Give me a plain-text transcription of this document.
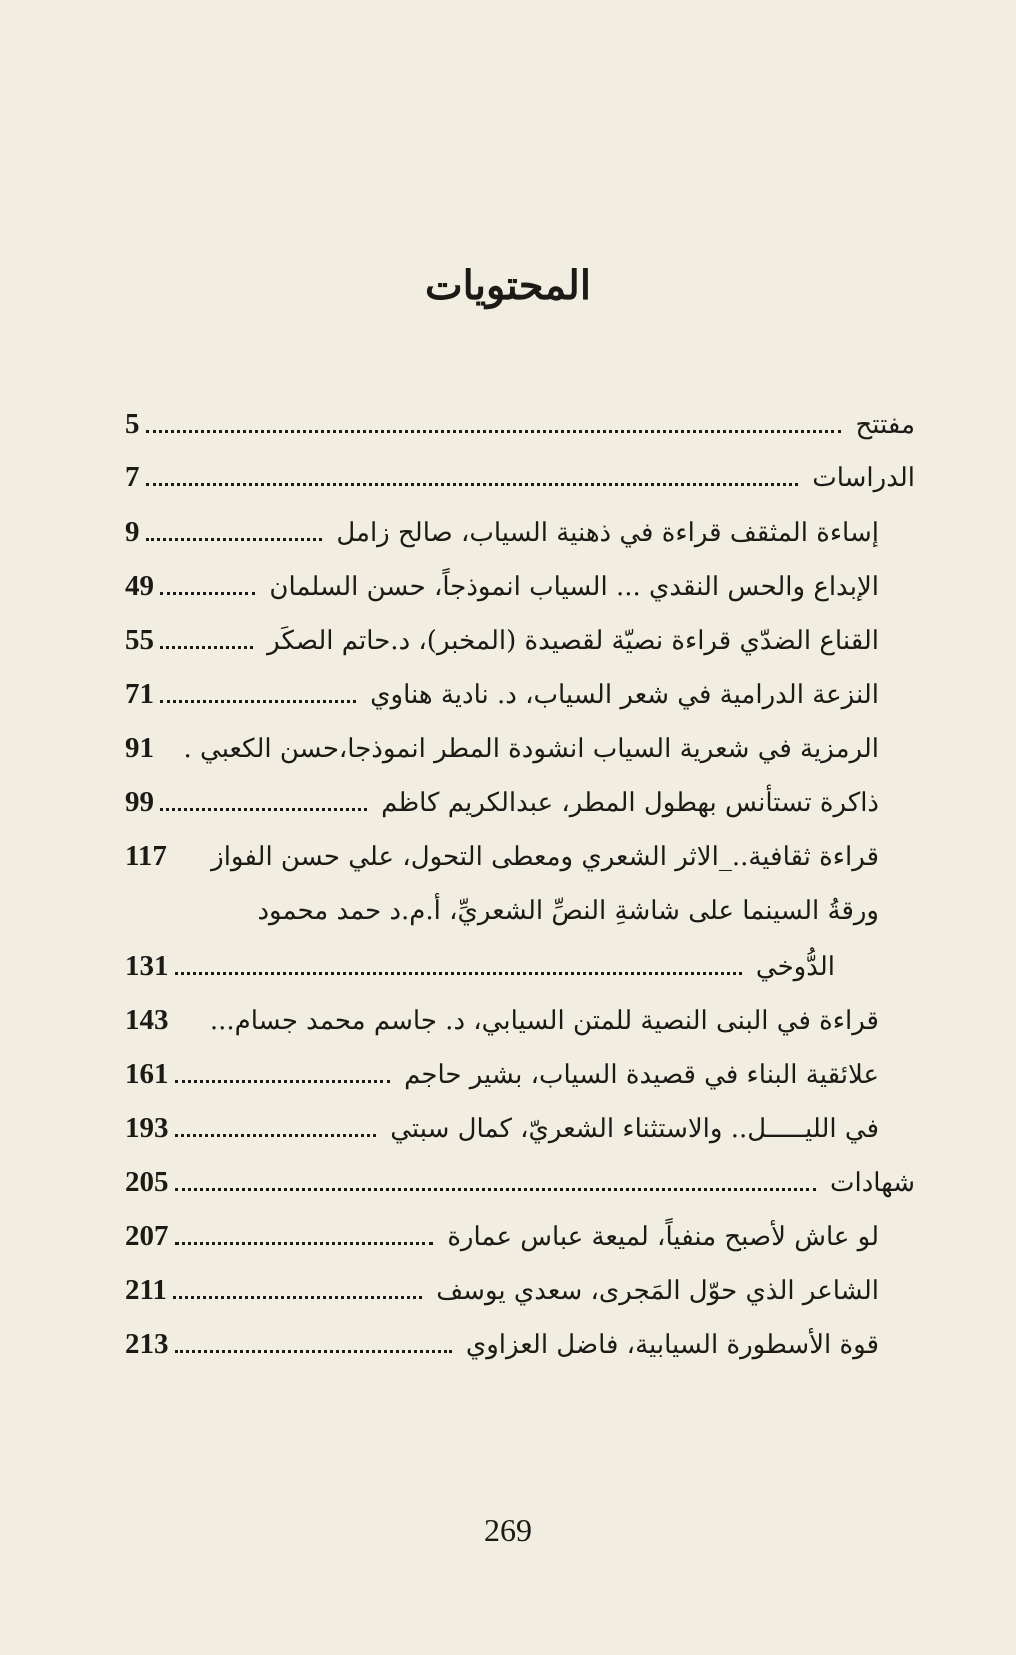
المحتويات
مفتتح
5
الدراسات
7
إساءة المثقف قراءة في ذهنية السياب، صالح زامل
9
الإبداع والحس النقدي ... السياب انموذجاً، حسن السلمان
49
القناع الضدّي قراءة نصيّة لقصيدة (المخبر)، د.حاتم الصكَر
55
النزعة الدرامية في شعر السياب، د. نادية هناوي
71
الرمزية في شعرية السياب انشودة المطر انموذجا،حسن الكعبي .
91
ذاكرة تستأنس بهطول المطر، عبدالكريم كاظم
99
قراءة ثقافية.._الاثر الشعري ومعطى التحول، علي حسن الفواز
117
ورقةُ السينما على شاشةِ النصِّ الشعريِّ، أ.م.د حمد محمود
الدُّوخي
131
قراءة في البنى النصية للمتن السيابي، د. جاسم محمد جسام...
143
علائقية البناء في قصيدة السياب، بشير حاجم
161
في الليـــــل.. والاستثناء الشعريّ، كمال سبتي
193
شهادات
205
لو عاش لأصبح منفياً، لميعة عباس عمارة
207
الشاعر الذي حوّل المَجرى، سعدي يوسف
211
قوة الأسطورة السيابية، فاضل العزاوي
213
269
